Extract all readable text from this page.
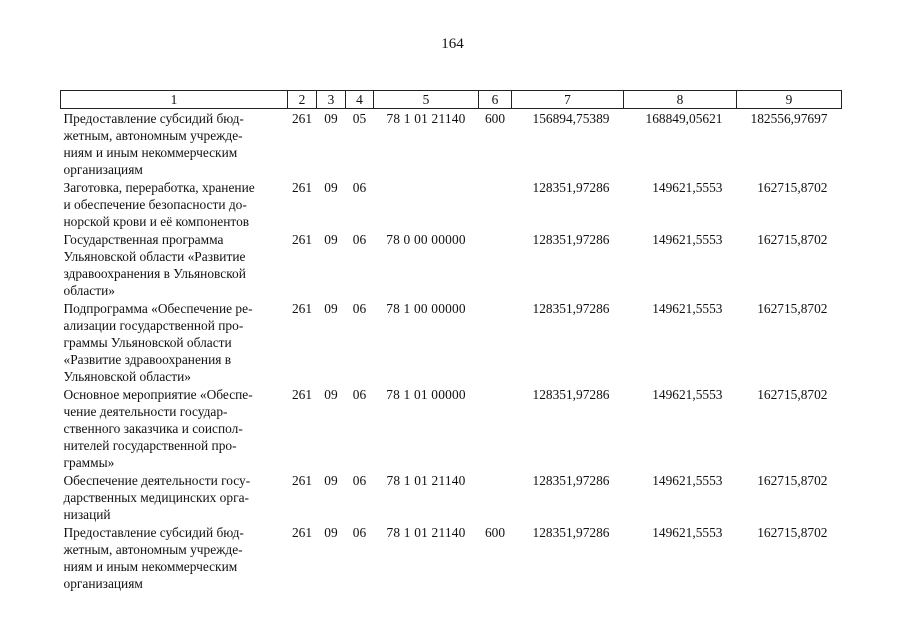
164
1	2	3	4	5	6	7	8	9
Предоставление субсидий бюд-
жетным, автономным учрежде-
ниям и иным некоммерческим
организациям	261	09	05	78 1 01 21140	600	156894,75389	168849,05621	182556,97697
Заготовка, переработка, хранение
и обеспечение безопасности до-
норской крови и её компонентов	261	09	06			128351,97286	149621,5553	162715,8702
Государственная программа
Ульяновской области «Развитие
здравоохранения в Ульяновской
области»	261	09	06	78 0 00 00000		128351,97286	149621,5553	162715,8702
Подпрограмма «Обеспечение ре-
ализации государственной про-
граммы Ульяновской области
«Развитие здравоохранения в
Ульяновской области»	261	09	06	78 1 00 00000		128351,97286	149621,5553	162715,8702
Основное мероприятие «Обеспе-
чение деятельности государ-
ственного заказчика и соиспол-
нителей государственной про-
граммы»	261	09	06	78 1 01 00000		128351,97286	149621,5553	162715,8702
Обеспечение деятельности госу-
дарственных медицинских орга-
низаций	261	09	06	78 1 01 21140		128351,97286	149621,5553	162715,8702
Предоставление субсидий бюд-
жетным, автономным учрежде-
ниям и иным некоммерческим
организациям	261	09	06	78 1 01 21140	600	128351,97286	149621,5553	162715,8702
